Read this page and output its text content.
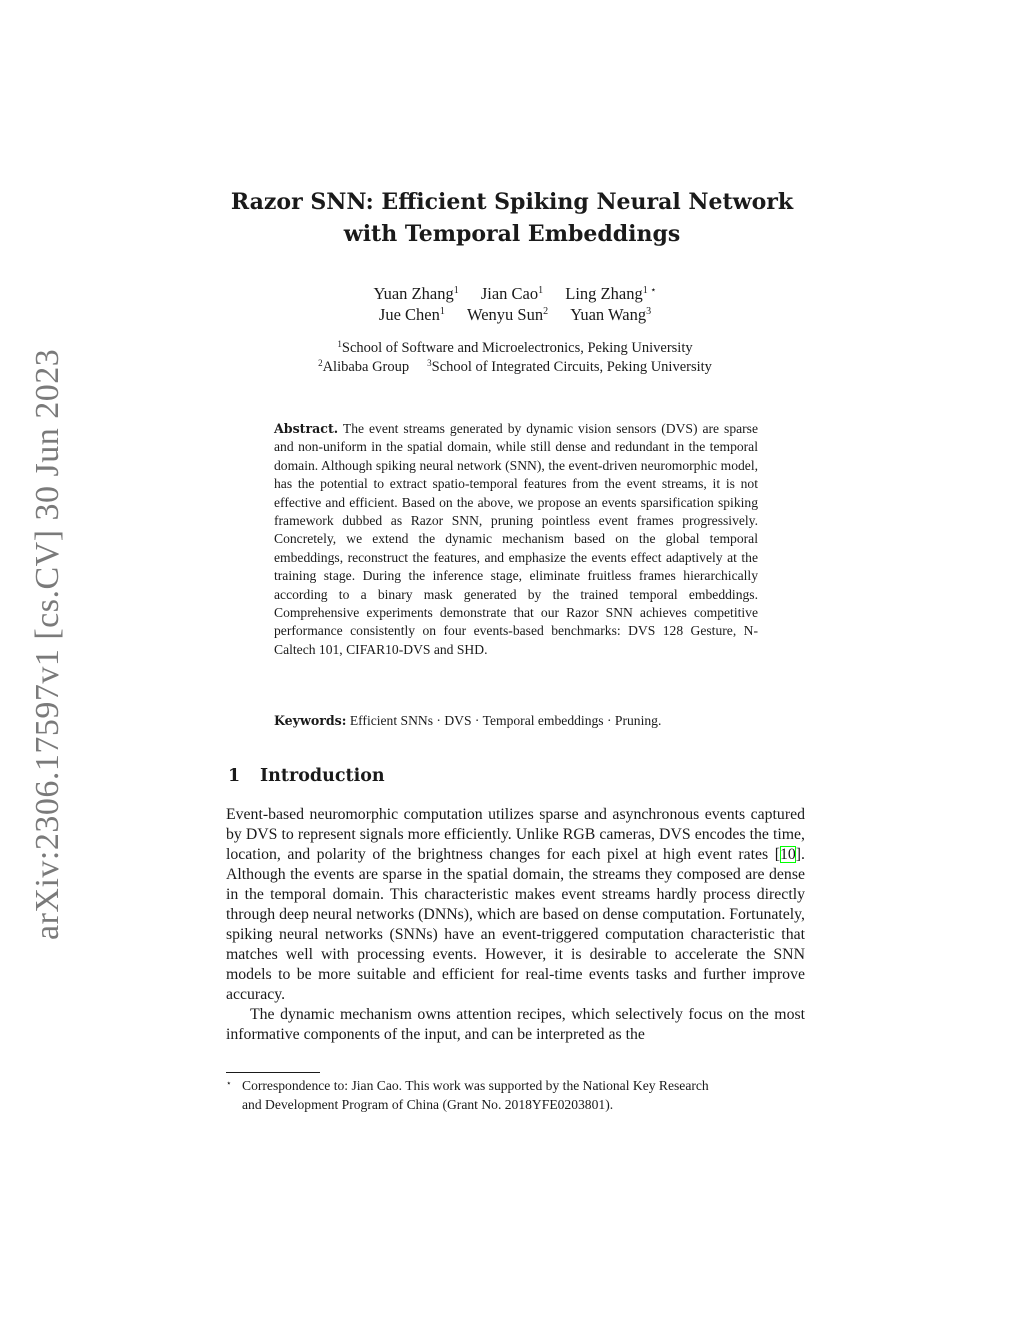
arXiv:2306.17597v1 [cs.CV] 30 Jun 2023
Razor SNN: Efficient Spiking Neural Network
with Temporal Embeddings
Yuan Zhang$^1$ Jian Cao$^1$ Ling Zhang$^{1 ⋆}$
Jue Chen$^1$ Wenyu Sun$^2$ Yuan Wang$^3$
$^1$School of Software and Microelectronics, Peking University
$^2$Alibaba Group $^3$School of Integrated Circuits, Peking University
Abstract. The event streams generated by dynamic vision sensors (DVS) are sparse and non-uniform in the spatial domain, while still dense and redundant in the temporal domain. Although spiking neural network (SNN), the event-driven neuromorphic model, has the potential to extract spatio-temporal features from the event streams, it is not effective and efficient. Based on the above, we propose an events sparsification spiking framework dubbed as Razor SNN, pruning pointless event frames progressively. Concretely, we extend the dynamic mechanism based on the global temporal embeddings, reconstruct the features, and emphasize the events effect adaptively at the training stage. During the inference stage, eliminate fruitless frames hierarchically according to a binary mask generated by the trained temporal embeddings. Comprehensive experiments demonstrate that our Razor SNN achieves competitive performance consistently on four events-based benchmarks: DVS 128 Gesture, N-Caltech 101, CIFAR10-DVS and SHD.
Keywords: Efficient SNNs · DVS · Temporal embeddings · Pruning.
1 Introduction

Event-based neuromorphic computation utilizes sparse and asynchronous events captured by DVS to represent signals more efficiently. Unlike RGB cameras, DVS encodes the time, location, and polarity of the brightness changes for each pixel at high event rates [10]. Although the events are sparse in the spatial domain, the streams they composed are dense in the temporal domain. This characteristic makes event streams hardly process directly through deep neural networks (DNNs), which are based on dense computation. Fortunately, spiking neural networks (SNNs) have an event-triggered computation characteristic that matches well with processing events. However, it is desirable to accelerate the SNN models to be more suitable and efficient for real-time events tasks and further improve accuracy.

The dynamic mechanism owns attention recipes, which selectively focus on the most informative components of the input, and can be interpreted as the

⋆ Correspondence to: Jian Cao. This work was supported by the National Key Research
and Development Program of China (Grant No. 2018YFE0203801).
